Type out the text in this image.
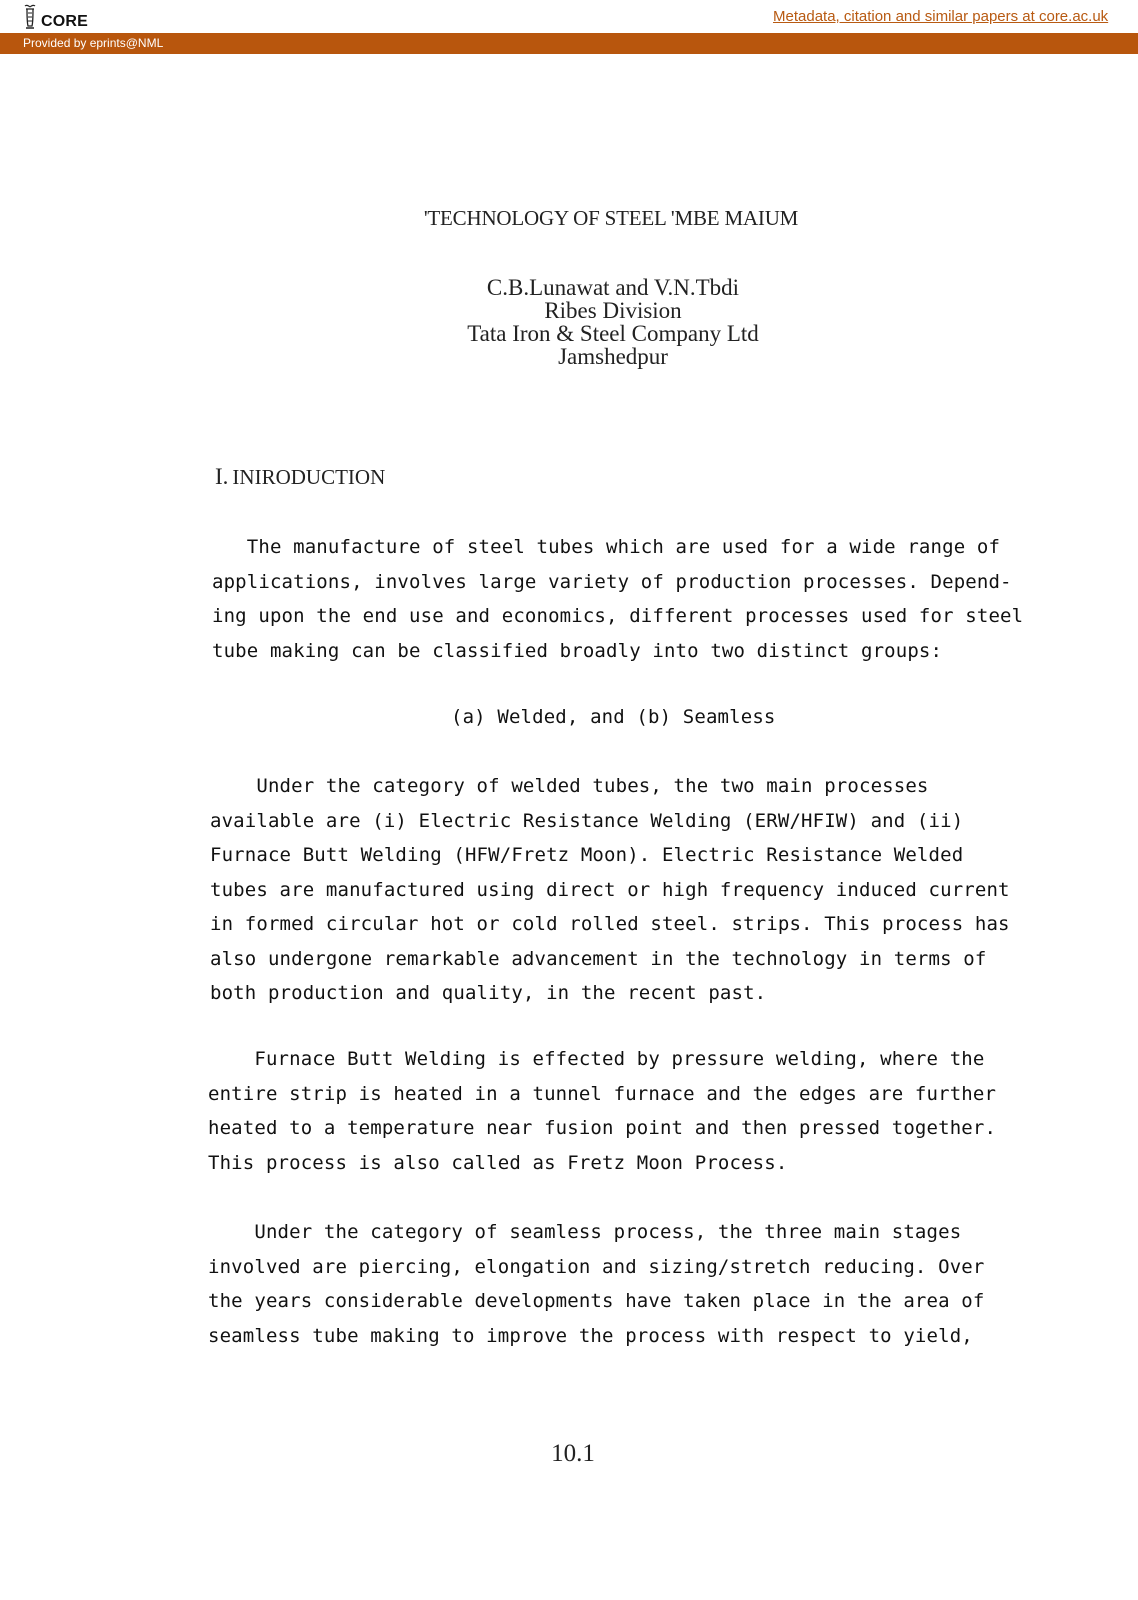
CORE	Metadata, citation and similar papers at core.ac.uk
Provided by eprints@NML
'TECHNOLOGY OF STEEL 'MBE MAIUM
C.B.Lunawat and V.N.Tbdi
Ribes Division
Tata Iron & Steel Company Ltd
Jamshedpur
I. INIRODUCTION
The manufacture of steel tubes which are used for a wide range of
applications, involves large variety of production processes. Depend-
ing upon the end use and economics, different processes used for steel
tube making can be classified broadly into two distinct groups:
(a) Welded, and (b) Seamless
Under the category of welded tubes, the two main processes
available are (i) Electric Resistance Welding (ERW/HFIW) and (ii)
Furnace Butt Welding (HFW/Fretz Moon). Electric Resistance Welded
tubes are manufactured using direct or high frequency induced current
in formed circular hot or cold rolled steel. strips. This process has
also undergone remarkable advancement in the technology in terms of
both production and quality, in the recent past.
Furnace Butt Welding is effected by pressure welding, where the
entire strip is heated in a tunnel furnace and the edges are further
heated to a temperature near fusion point and then pressed together.
This process is also called as Fretz Moon Process.
Under the category of seamless process, the three main stages
involved are piercing, elongation and sizing/stretch reducing. Over
the years considerable developments have taken place in the area of
seamless tube making to improve the process with respect to yield,
10.1
